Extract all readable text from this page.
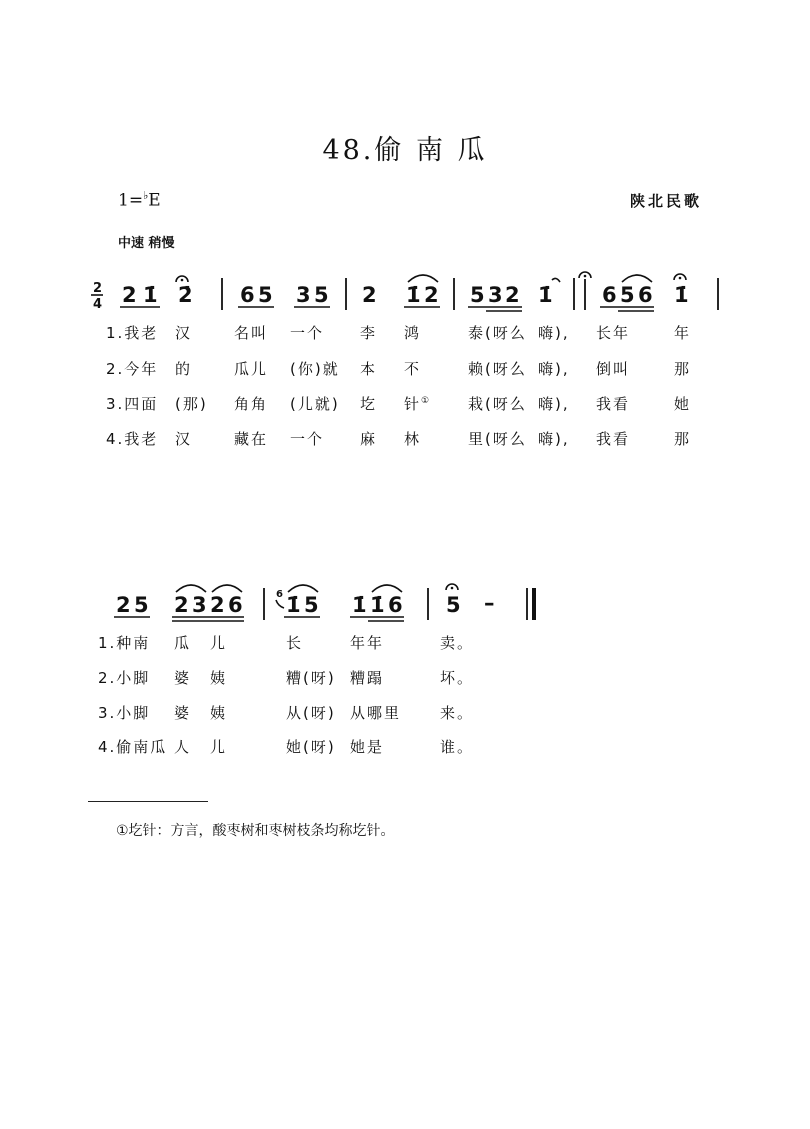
48.偷 南 瓜
1=♭E	陕北民歌
中速 稍慢
2
4 2 1̇ 2̇ 6 5 3 5 2 1̇ 2 5 3 2 1̇ 6 5 6 1̇
1.我老 汉	名叫 一个 李 鸿	泰(呀么 嗨), 长年	年
2.今年 的	瓜儿 (你)就 本 不	赖(呀么 嗨), 倒叫	那
3.四面 (那) 角角 (儿就) 圪 针① 栽(呀么 嗨), 我看	她
4.我老 汉	藏在 一个 麻 林	里(呀么 嗨), 我看	那
2 5 2 3 2 6	6 1̇ 5 1̇ 1̇ 6 5 –
1.种南 瓜 儿	长	年年	卖。
2.小脚 婆 姨	糟(呀) 糟蹋	坏。
3.小脚 婆 姨	从(呀) 从哪里	来。
4.偷南瓜 人 儿	她(呀) 她是	谁。
①圪针：方言，酸枣树和枣树枝条均称圪针。
